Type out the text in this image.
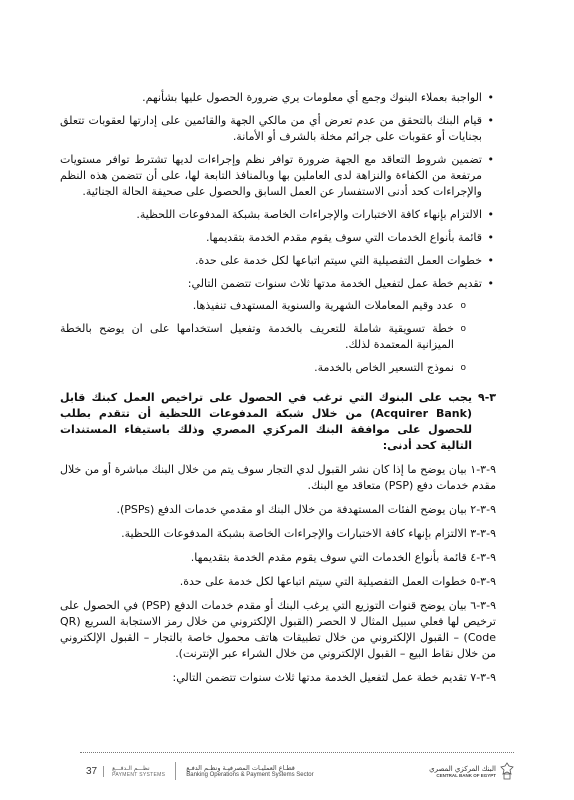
• الواجبة بعملاء البنوك وجمع أي معلومات يري ضرورة الحصول عليها بشأنهم.
• قيام البنك بالتحقق من عدم تعرض أي من مالكي الجهة والقائمين على إدارتها لعقوبات تتعلق بجنايات أو عقوبات على جرائم مخلة بالشرف أو الأمانة.
• تضمين شروط التعاقد مع الجهة ضرورة توافر نظم وإجراءات لديها تشترط توافر مستويات مرتفعة من الكفاءة والنزاهة لدى العاملين بها وبالمنافذ التابعة لها، على أن تتضمن هذه النظم والإجراءات كحد أدنى الاستفسار عن العمل السابق والحصول على صحيفة الحالة الجنائية.
• الالتزام بإنهاء كافة الاختبارات والإجراءات الخاصة بشبكة المدفوعات اللحظية.
• قائمة بأنواع الخدمات التي سوف يقوم مقدم الخدمة بتقديمها.
• خطوات العمل التفصيلية التي سيتم اتباعها لكل خدمة على حدة.
• تقديم خطة عمل لتفعيل الخدمة مدتها ثلاث سنوات تتضمن التالي:
o عدد وقيم المعاملات الشهرية والسنوية المستهدف تنفيذها.
o خطة تسويقية شاملة للتعريف بالخدمة وتفعيل استخدامها على ان يوضح بالخطة الميزانية المعتمدة لذلك.
o نموذج التسعير الخاص بالخدمة.
٣-٩
يجب على البنوك التي ترغب في الحصول على تراخيص العمل كبنك قابل (Acquirer Bank) من خلال شبكة المدفوعات اللحظية أن تتقدم بطلب للحصول على موافقة البنك المركزي المصري وذلك باستيفاء المستندات التالية كحد أدنى:

٩-٣-١ بيان يوضح ما إذا كان نشر القبول لدي التجار سوف يتم من خلال البنك مباشرة أو من خلال مقدم خدمات دفع (PSP) متعاقد مع البنك.

٩-٣-٢ بيان يوضح الفئات المستهدفة من خلال البنك او مقدمي خدمات الدفع (PSPs).

٩-٣-٣ الالتزام بإنهاء كافة الاختبارات والإجراءات الخاصة بشبكة المدفوعات اللحظية.

٩-٣-٤ قائمة بأنواع الخدمات التي سوف يقوم مقدم الخدمة بتقديمها.

٩-٣-٥ خطوات العمل التفصيلية التي سيتم اتباعها لكل خدمة على حدة.

٩-٣-٦ بيان يوضح قنوات التوزيع التي يرغب البنك أو مقدم خدمات الدفع (PSP) في الحصول على ترخيص لها فعلي سبيل المثال لا الحصر (القبول الإلكتروني من خلال رمز الاستجابة السريع (QR Code) – القبول الإلكتروني من خلال تطبيقات هاتف محمول خاصة بالتجار – القبول الإلكتروني من خلال نقاط البيع – القبول الإلكتروني من خلال الشراء عبر الإنترنت).

٩-٣-٧ تقديم خطة عمل لتفعيل الخدمة مدتها ثلاث سنوات تتضمن التالي:

37	نظـــم الـدفـــع
PAYMENT SYSTEMS
قطـاع العمليـات المصرفيـة ونظـم الدفـع
Banking Operations & Payment Systems Sector
البنك المركزي المصري
CENTRAL BANK OF EGYPT
